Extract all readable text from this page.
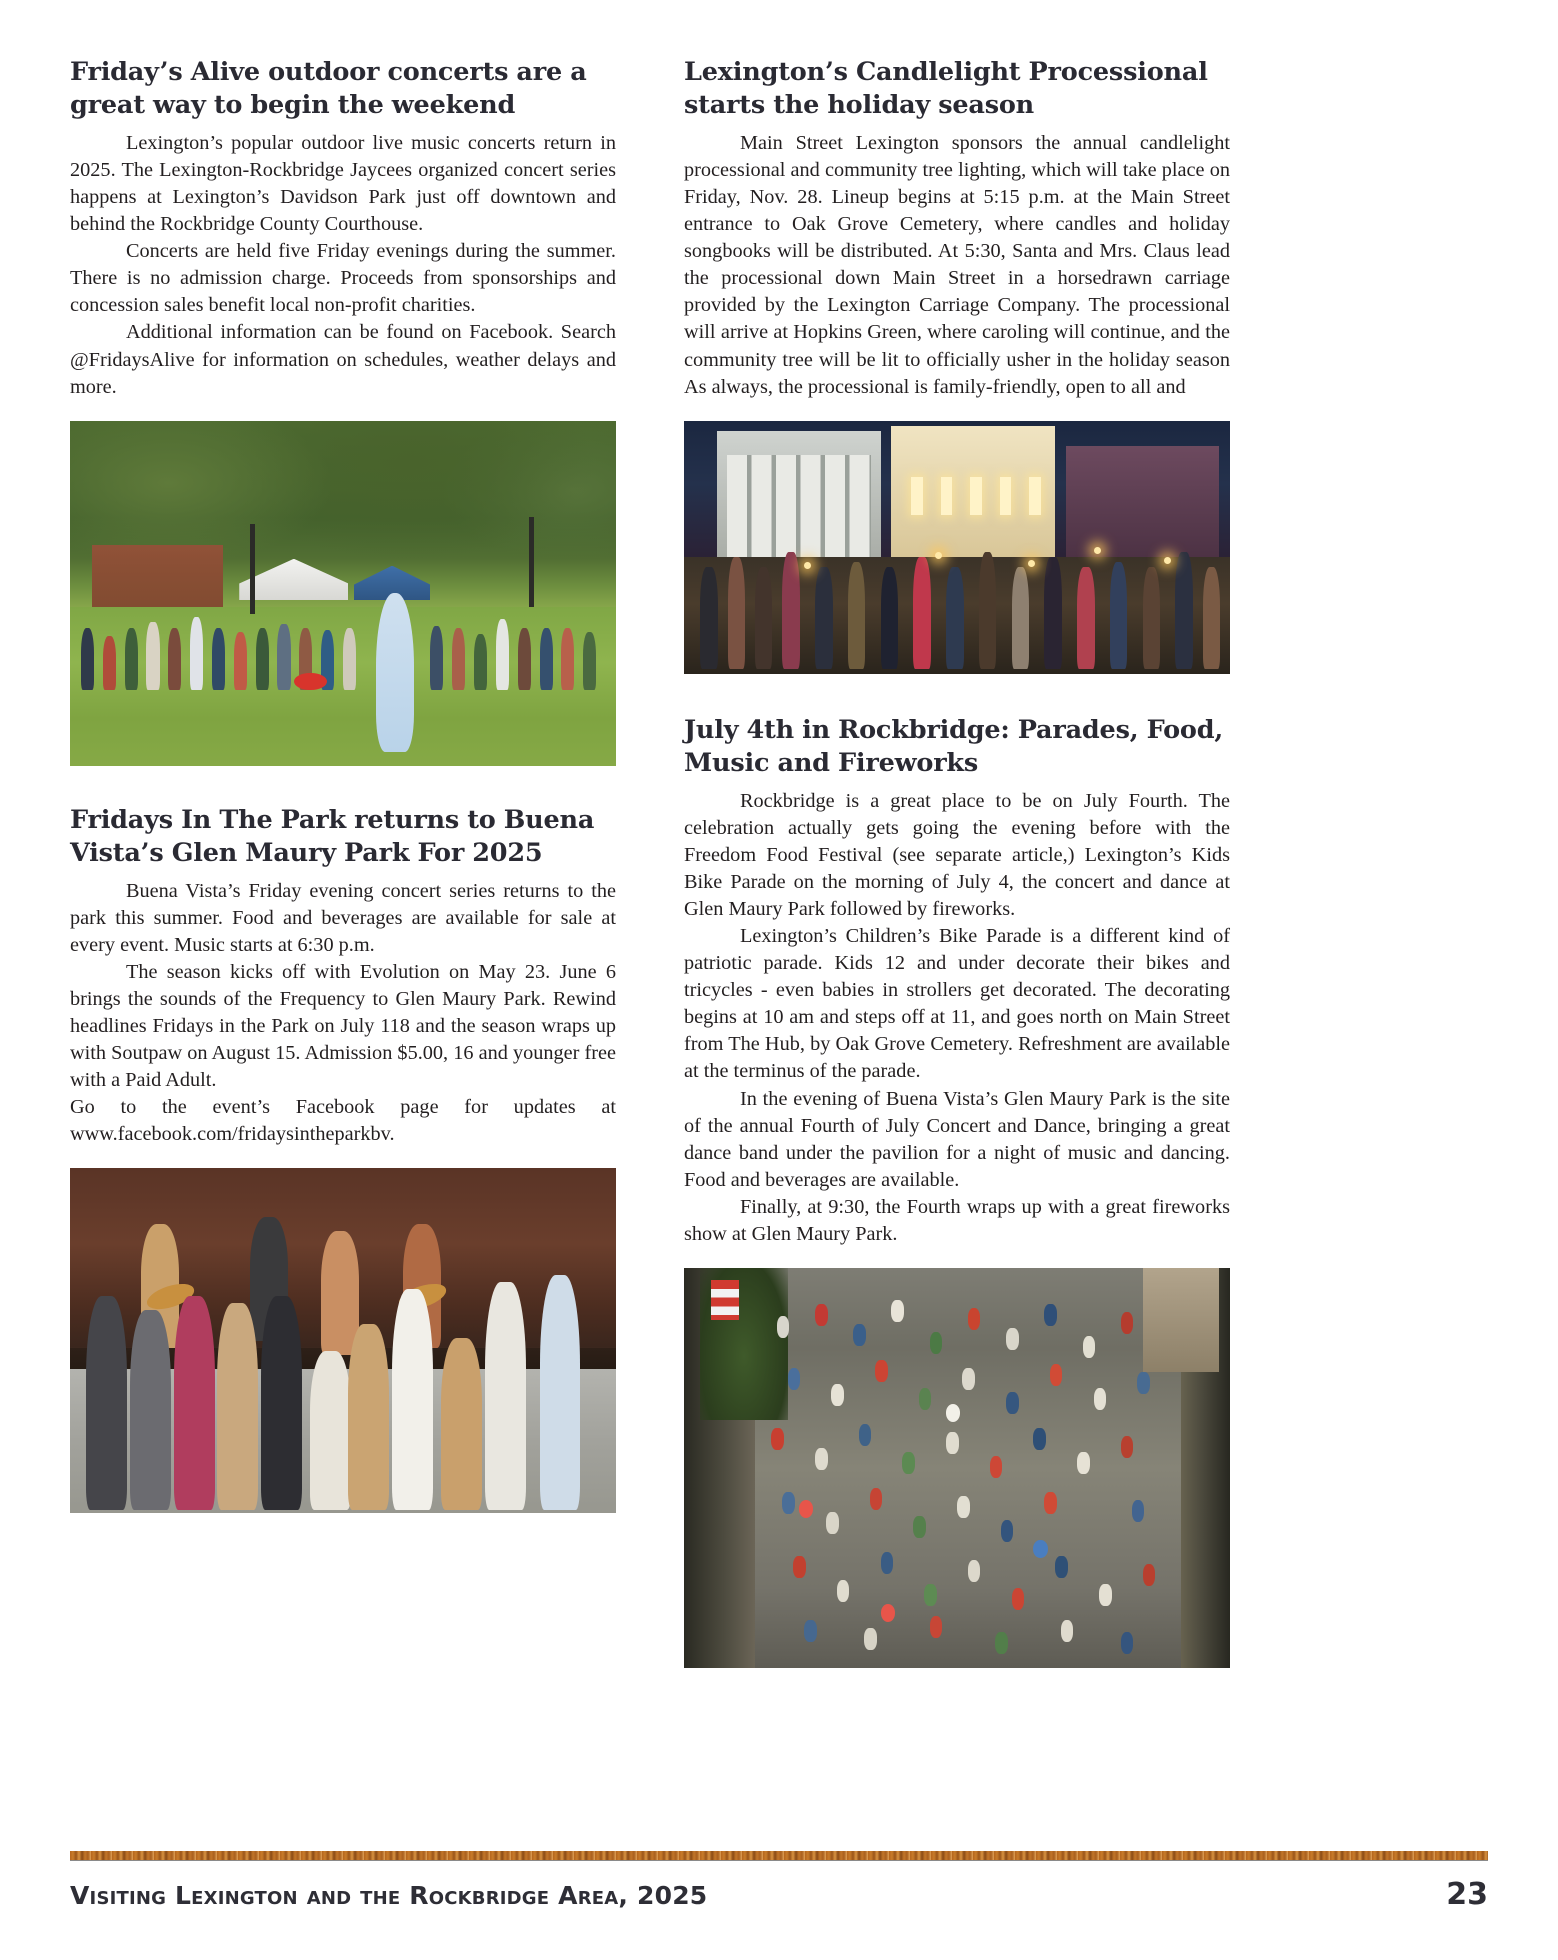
Friday’s Alive outdoor concerts are a great way to begin the weekend

Lexington’s popular outdoor live music concerts return in 2025. The Lexington-Rockbridge Jaycees organized concert series happens at Lexington’s Davidson Park just off downtown and behind the Rockbridge County Courthouse.

Concerts are held five Friday evenings during the summer. There is no admission charge. Proceeds from sponsorships and concession sales benefit local non-profit charities.

Additional information can be found on Facebook. Search @FridaysAlive for information on schedules, weather delays and more.

Fridays In The Park returns to Buena Vista’s Glen Maury Park For 2025

Buena Vista’s Friday evening concert series returns to the park this summer. Food and beverages are available for sale at every event. Music starts at 6:30 p.m.

The season kicks off with Evolution on May 23. June 6 brings the sounds of the Frequency to Glen Maury Park. Rewind headlines Fridays in the Park on July 118 and the season wraps up with Soutpaw on August 15. Admission $5.00, 16 and younger free with a Paid Adult.

Go to the event’s Facebook page for updates at www.facebook.com/fridaysintheparkbv.

Lexington’s Candlelight Processional starts the holiday season

Main Street Lexington sponsors the annual candlelight processional and community tree lighting, which will take place on Friday, Nov. 28. Lineup begins at 5:15 p.m. at the Main Street entrance to Oak Grove Cemetery, where candles and holiday songbooks will be distributed. At 5:30, Santa and Mrs. Claus lead the processional down Main Street in a horsedrawn carriage provided by the Lexington Carriage Company. The processional will arrive at Hopkins Green, where caroling will continue, and the community tree will be lit to officially usher in the holiday season As always, the processional is family-friendly, open to all and

July 4th in Rockbridge: Parades, Food, Music and Fireworks

Rockbridge is a great place to be on July Fourth. The celebration actually gets going the evening before with the Freedom Food Festival (see separate article,) Lexington’s Kids Bike Parade on the morning of July 4, the concert and dance at Glen Maury Park followed by fireworks.

Lexington’s Children’s Bike Parade is a different kind of patriotic parade. Kids 12 and under decorate their bikes and tricycles - even babies in strollers get decorated. The decorating begins at 10 am and steps off at 11, and goes north on Main Street from The Hub, by Oak Grove Cemetery. Refreshment are available at the terminus of the parade.

In the evening of Buena Vista’s Glen Maury Park is the site of the annual Fourth of July Concert and Dance, bringing a great dance band under the pavilion for a night of music and dancing. Food and beverages are available.

Finally, at 9:30, the Fourth wraps up with a great fireworks show at Glen Maury Park.

Visiting Lexington and the Rockbridge Area, 2025	23
